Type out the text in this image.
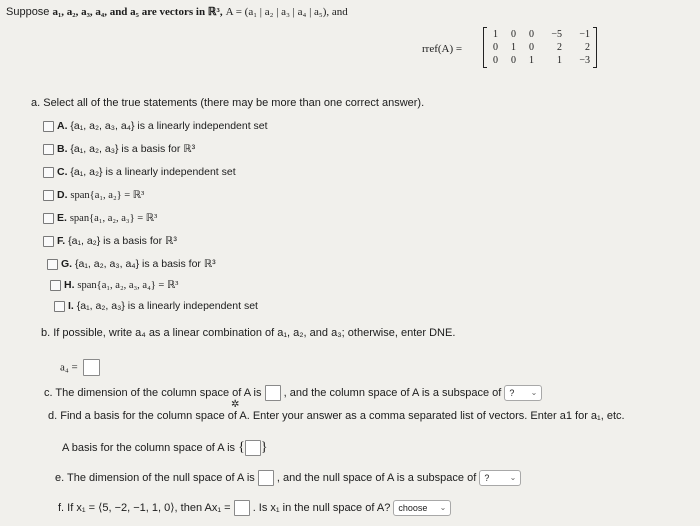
Suppose a₁, a₂, a₃, a₄, and a₅ are vectors in ℝ³, A = (a₁ | a₂ | a₃ | a₄ | a₅), and
rref(A) =
1	0	0	−5	−1
0	1	0	2	2
0	0	1	1	−3
a. Select all of the true statements (there may be more than one correct answer).
A. {a₁, a₂, a₃, a₄} is a linearly independent set
B. {a₁, a₂, a₃} is a basis for ℝ³
C. {a₁, a₂} is a linearly independent set
D. span{a₁, a₂} = ℝ³
E. span{a₁, a₂, a₃} = ℝ³
F. {a₁, a₂} is a basis for ℝ³
G. {a₁, a₂, a₃, a₄} is a basis for ℝ³
H. span{a₁, a₂, a₃, a₄} = ℝ³
I. {a₁, a₂, a₃} is a linearly independent set
b. If possible, write a₄ as a linear combination of a₁, a₂, and a₃; otherwise, enter DNE.
a₄ =
c. The dimension of the column space of A is , and the column space of A is a subspace of ? ⌄
✲
d. Find a basis for the column space of A. Enter your answer as a comma separated list of vectors. Enter a1 for a₁, etc.
A basis for the column space of A is { }
e. The dimension of the null space of A is , and the null space of A is a subspace of ?	⌄
f. If x₁ = ⟨5, −2, −1, 1, 0⟩, then Ax₁ = . Is x₁ in the null space of A? choose ⌄
